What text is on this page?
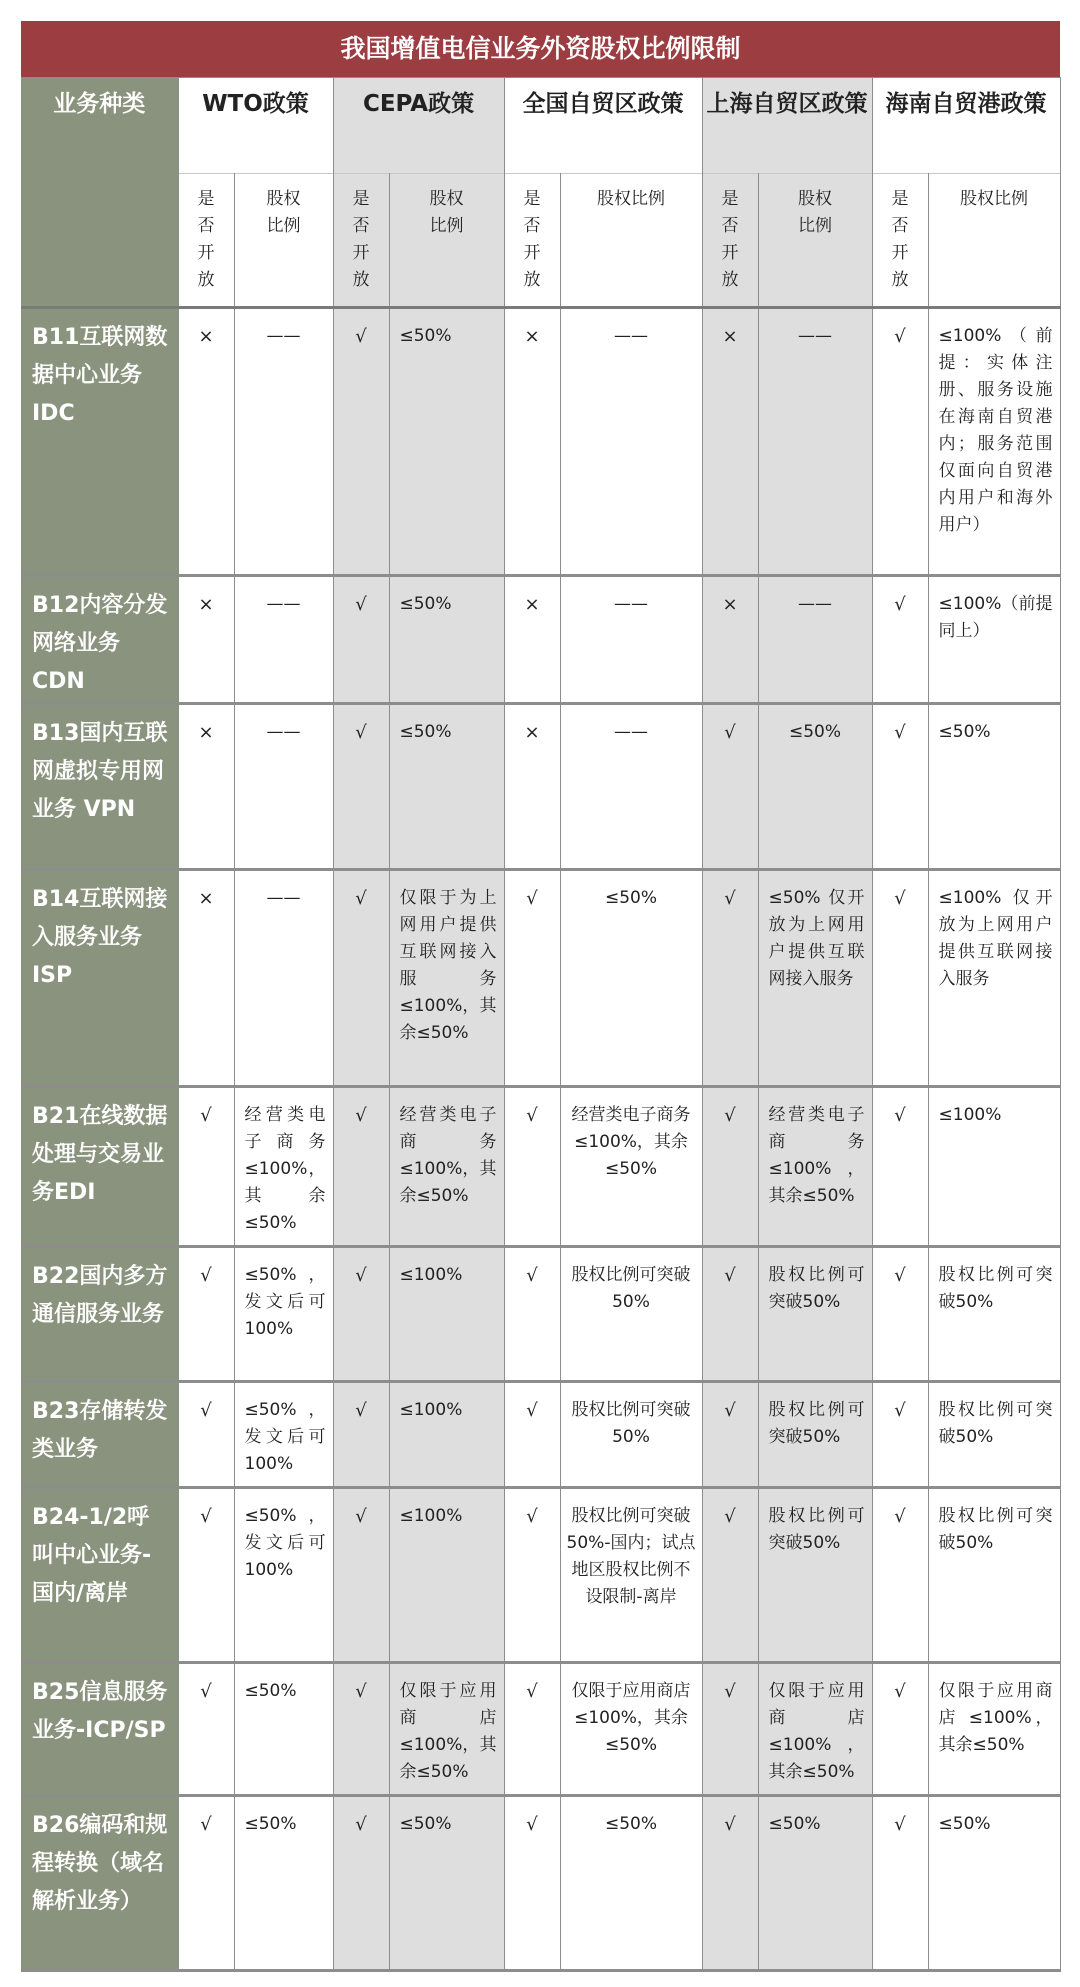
我国增值电信业务外资股权比例限制
业务种类	WTO政策		CEPA政策		全国自贸区政策		上海自贸区政策		海南自贸港政策	
	是否开放	股权比例	是否开放	股权比例	是否开放	股权比例	是否开放	股权比例	是否开放	股权比例
B11互联网数据中心业务 IDC	×	——	√	≤50%	×	——	×	——	√	≤100%（前提：实体注册、服务设施在海南自贸港内；服务范围仅面向自贸港内用户和海外用户）
B12内容分发网络业务 CDN	×	——	√	≤50%	×	——	×	——	√	≤100%（前提同上）
B13国内互联网虚拟专用网业务 VPN	×	——	√	≤50%	×	——	√	≤50%	√	≤50%
B14互联网接入服务业务ISP	×	——	√	仅限于为上网用户提供互联网接入服务 ≤100%，其余≤50%	√	≤50%	√	≤50% 仅开放为上网用户提供互联网接入服务	√	≤100% 仅开放为上网用户提供互联网接入服务
B21在线数据处理与交易业务EDI	√	经营类电子商务 ≤100%，其余 ≤50%	√	经营类电子商务≤100%，其余≤50%	√	经营类电子商务≤100%，其余≤50%	√	经营类电子商务≤100%，其余≤50%	√	≤100%
B22国内多方通信服务业务	√	≤50%，发文后可100%	√	≤100%	√	股权比例可突破50%	√	股权比例可突破50%	√	股权比例可突破50%
B23存储转发类业务	√	≤50%，发文后可100%	√	≤100%	√	股权比例可突破50%	√	股权比例可突破50%	√	股权比例可突破50%
B24-1/2呼叫中心业务-国内/离岸	√	≤50%，发文后可100%	√	≤100%	√	股权比例可突破50%-国内；试点地区股权比例不设限制-离岸	√	股权比例可突破50%	√	股权比例可突破50%
B25信息服务业务-ICP/SP	√	≤50%	√	仅限于应用商店 ≤100%，其余≤50%	√	仅限于应用商店≤100%，其余≤50%	√	仅限于应用商店 ≤100%，其余≤50%	√	仅限于应用商店 ≤100%，其余≤50%
B26编码和规程转换（域名解析业务）	√	≤50%	√	≤50%	√	≤50%	√	≤50%	√	≤50%
